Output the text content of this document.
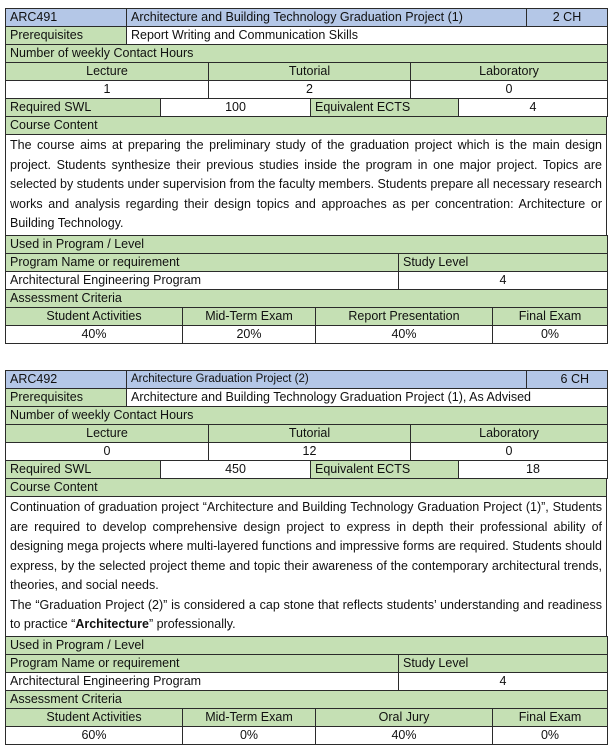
ARC491	Architecture and Building Technology Graduation Project (1)	2 CH
Prerequisites	Report Writing and Communication Skills	
Number of weekly Contact Hours		
Lecture	Tutorial	Laboratory
1	2	0
Required SWL	100	Equivalent ECTS	4
Course Content
The course aims at preparing the preliminary study of the graduation project which is the main design project. Students synthesize their previous studies inside the program in one major project. Topics are selected by students under supervision from the faculty members. Students prepare all necessary research works and analysis regarding their design topics and approaches as per concentration: Architecture or Building Technology.
Used in Program / Level	
Program Name or requirement	Study Level
Architectural Engineering Program	4
Assessment Criteria			
Student Activities	Mid-Term Exam	Report Presentation	Final Exam
40%	20%	40%	0%
ARC492	Architecture Graduation Project (2)	6 CH
Prerequisites	Architecture and Building Technology Graduation Project (1), As Advised	
Number of weekly Contact Hours		
Lecture	Tutorial	Laboratory
0	12	0
Required SWL	450	Equivalent ECTS	18
Course Content

Continuation of graduation project “Architecture and Building Technology Graduation Project (1)”, Students are required to develop comprehensive design project to express in depth their professional ability of designing mega projects where multi-layered functions and impressive forms are required. Students should express, by the selected project theme and topic their awareness of the contemporary architectural trends, theories, and social needs.
The “Graduation Project (2)” is considered a cap stone that reflects students’ understanding and readiness to practice “Architecture” professionally.
Used in Program / Level	
Program Name or requirement	Study Level
Architectural Engineering Program	4
Assessment Criteria			
Student Activities	Mid-Term Exam	Oral Jury	Final Exam
60%	0%	40%	0%
